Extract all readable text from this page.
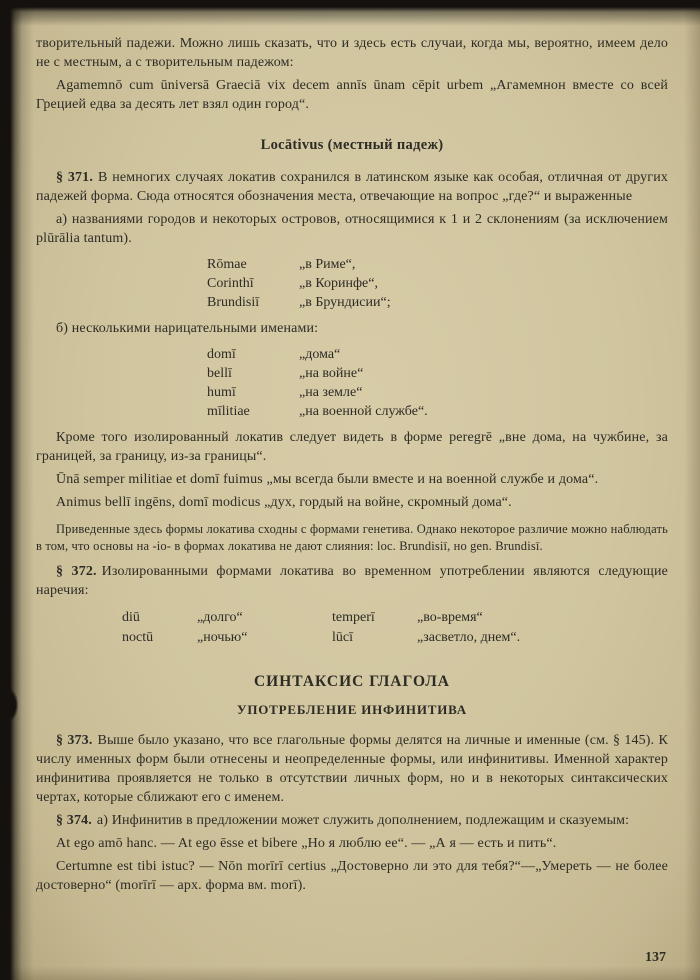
творительный падежи. Можно лишь сказать, что и здесь есть случаи, когда мы, вероятно, имеем дело не с местным, а с творительным падежом:

Agamemnō cum ūniversā Graeciā vix decem annīs ūnam cēpit urbem „Агамемнон вместе со всей Грецией едва за десять лет взял один город“.

Locātivus (местный падеж)

§ 371. В немногих случаях локатив сохранился в латинском языке как особая, отличная от других падежей форма. Сюда относятся обозначения места, отвечающие на вопрос „где?“ и выраженные

а) названиями городов и некоторых островов, относящимися к 1 и 2 склонениям (за исключением plūrālia tantum).

Rōmae	„в Риме“,
Corinthī	„в Коринфе“,
Brundisiī	„в Брундисии“;

б) несколькими нарицательными именами:

domī	„дома“
bellī	„на войне“
humī	„на земле“
mīlitiae	„на военной службе“.

Кроме того изолированный локатив следует видеть в форме peregrē „вне дома, на чужбине, за границей, за границу, из-за границы“.

Ūnā semper militiae et domī fuimus „мы всегда были вместе и на военной службе и дома“.

Animus bellī ingēns, domī modicus „дух, гордый на войне, скромный дома“.

Приведенные здесь формы локатива сходны с формами генетива. Однако некоторое различие можно наблюдать в том, что основы на -io- в формах локатива не дают слияния: loc. Brundisiī, но gen. Brundisī.

§ 372. Изолированными формами локатива во временном употреблении являются следующие наречия:

diū	„долго“	temperī	„во-время“
noctū	„ночью“	lūcī	„засветло, днем“.
СИНТАКСИС ГЛАГОЛА
УПОТРЕБЛЕНИЕ ИНФИНИТИВА

§ 373. Выше было указано, что все глагольные формы делятся на личные и именные (см. § 145). К числу именных форм были отнесены и неопределенные формы, или инфинитивы. Именной характер инфинитива проявляется не только в отсутствии личных форм, но и в некоторых синтаксических чертах, которые сближают его с именем.

§ 374. а) Инфинитив в предложении может служить дополнением, подлежащим и сказуемым:

At ego amō hanc. — At ego ēsse et bibere „Но я люблю ее“. — „А я — есть и пить“.

Certumne est tibi istuc? — Nōn morīrī certius „Достоверно ли это для тебя?“—„Умереть — не более достоверно“ (morīrī — арх. форма вм. morī).

137
